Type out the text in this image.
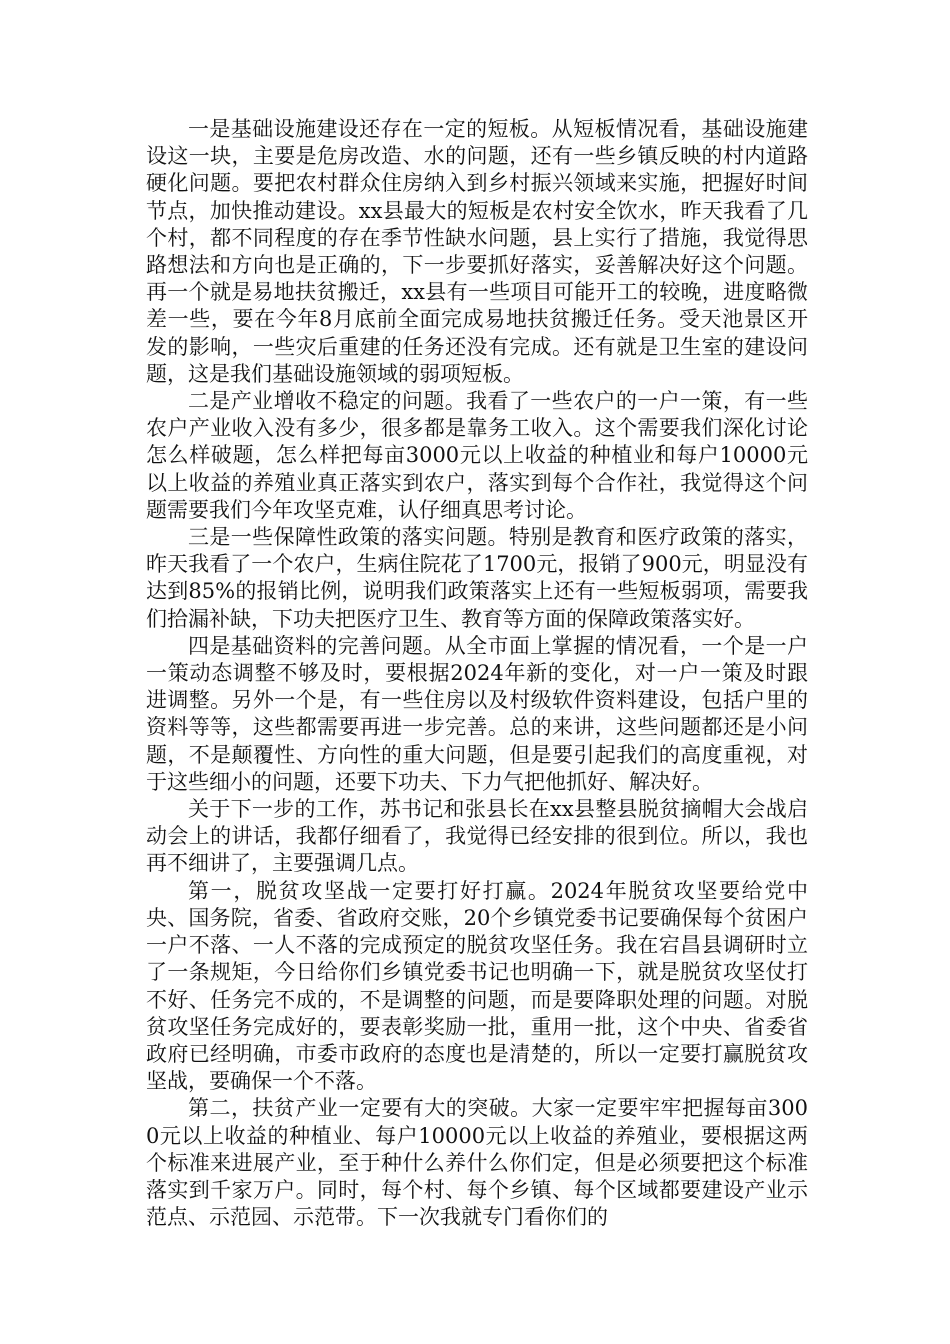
一是基础设施建设还存在一定的短板。从短板情况看，基础设施建设这一块，主要是危房改造、水的问题，还有一些乡镇反映的村内道路硬化问题。要把农村群众住房纳入到乡村振兴领域来实施，把握好时间节点，加快推动建设。xx县最大的短板是农村安全饮水，昨天我看了几个村，都不同程度的存在季节性缺水问题，县上实行了措施，我觉得思路想法和方向也是正确的，下一步要抓好落实，妥善解决好这个问题。再一个就是易地扶贫搬迁，xx县有一些项目可能开工的较晚，进度略微差一些，要在今年8月底前全面完成易地扶贫搬迁任务。受天池景区开发的影响，一些灾后重建的任务还没有完成。还有就是卫生室的建设问题，这是我们基础设施领域的弱项短板。

二是产业增收不稳定的问题。我看了一些农户的一户一策，有一些农户产业收入没有多少，很多都是靠务工收入。这个需要我们深化讨论怎么样破题，怎么样把每亩3000元以上收益的种植业和每户10000元以上收益的养殖业真正落实到农户，落实到每个合作社，我觉得这个问题需要我们今年攻坚克难，认仔细真思考讨论。

三是一些保障性政策的落实问题。特别是教育和医疗政策的落实，昨天我看了一个农户，生病住院花了1700元，报销了900元，明显没有达到85%的报销比例，说明我们政策落实上还有一些短板弱项，需要我们拾漏补缺，下功夫把医疗卫生、教育等方面的保障政策落实好。

四是基础资料的完善问题。从全市面上掌握的情况看，一个是一户一策动态调整不够及时，要根据2024年新的变化，对一户一策及时跟进调整。另外一个是，有一些住房以及村级软件资料建设，包括户里的资料等等，这些都需要再进一步完善。总的来讲，这些问题都还是小问题，不是颠覆性、方向性的重大问题，但是要引起我们的高度重视，对于这些细小的问题，还要下功夫、下力气把他抓好、解决好。

关于下一步的工作，苏书记和张县长在xx县整县脱贫摘帽大会战启动会上的讲话，我都仔细看了，我觉得已经安排的很到位。所以，我也再不细讲了，主要强调几点。

第一，脱贫攻坚战一定要打好打赢。2024年脱贫攻坚要给党中央、国务院，省委、省政府交账，20个乡镇党委书记要确保每个贫困户一户不落、一人不落的完成预定的脱贫攻坚任务。我在宕昌县调研时立了一条规矩，今日给你们乡镇党委书记也明确一下，就是脱贫攻坚仗打不好、任务完不成的，不是调整的问题，而是要降职处理的问题。对脱贫攻坚任务完成好的，要表彰奖励一批，重用一批，这个中央、省委省政府已经明确，市委市政府的态度也是清楚的，所以一定要打赢脱贫攻坚战，要确保一个不落。

第二，扶贫产业一定要有大的突破。大家一定要牢牢把握每亩3000元以上收益的种植业、每户10000元以上收益的养殖业，要根据这两个标准来进展产业，至于种什么养什么你们定，但是必须要把这个标准落实到千家万户。同时，每个村、每个乡镇、每个区域都要建设产业示范点、示范园、示范带。下一次我就专门看你们的
